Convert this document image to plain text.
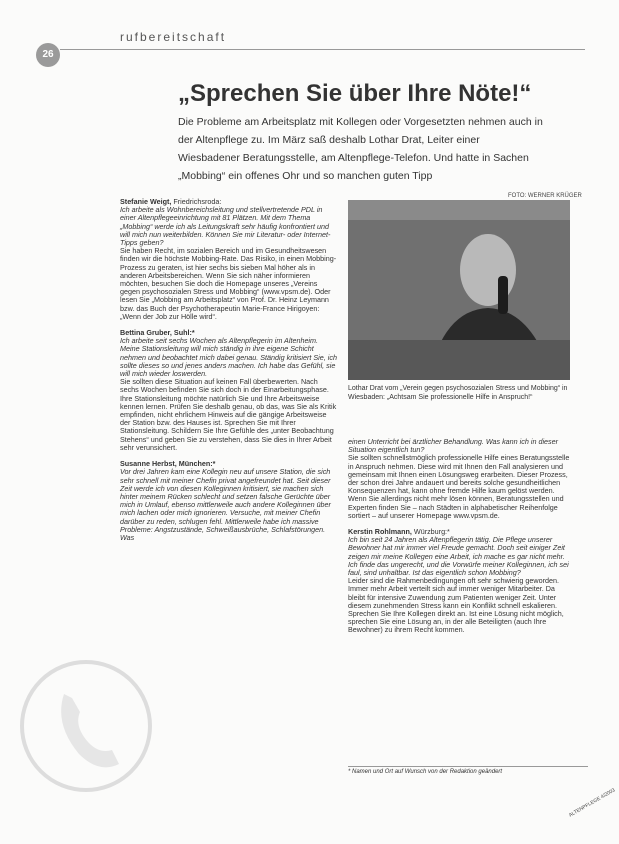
26
rufbereitschaft
„Sprechen Sie über Ihre Nöte!“
Die Probleme am Arbeitsplatz mit Kollegen oder Vorgesetzten nehmen auch in der Altenpflege zu. Im März saß deshalb Lothar Drat, Leiter einer Wiesbadener Beratungsstelle, am Altenpflege-Telefon. Und hatte in Sachen „Mobbing“ ein offenes Ohr und so manchen guten Tipp

Stefanie Weigt, Friedrichsroda:
Ich arbeite als Wohnbereichsleitung und stellvertretende PDL in einer Altenpflegeeinrichtung mit 81 Plätzen. Mit dem Thema „Mobbing“ werde ich als Leitungskraft sehr häufig konfrontiert und will mich nun weiterbilden. Können Sie mir Literatur- oder Internet-Tipps geben?
Sie haben Recht, im sozialen Bereich und im Gesundheitswesen finden wir die höchste Mobbing-Rate. Das Risiko, in einen Mobbing-Prozess zu geraten, ist hier sechs bis sieben Mal höher als in anderen Arbeitsbereichen. Wenn Sie sich näher informieren möchten, besuchen Sie doch die Homepage unseres „Vereins gegen psychosozialen Stress und Mobbing“ (www.vpsm.de). Oder lesen Sie „Mobbing am Arbeitsplatz“ von Prof. Dr. Heinz Leymann bzw. das Buch der Psychotherapeutin Marie-France Hirigoyen: „Wenn der Job zur Hölle wird“.

Bettina Gruber, Suhl:*
Ich arbeite seit sechs Wochen als Altenpflegerin im Altenheim. Meine Stationsleitung will mich ständig in ihre eigene Schicht nehmen und beobachtet mich dabei genau. Ständig kritisiert Sie, ich sollte dieses so und jenes anders machen. Ich habe das Gefühl, sie will mich wieder loswerden.
Sie sollten diese Situation auf keinen Fall überbewerten. Nach sechs Wochen befinden Sie sich doch in der Einarbeitungsphase. Ihre Stationsleitung möchte natürlich Sie und Ihre Arbeitsweise kennen lernen. Prüfen Sie deshalb genau, ob das, was Sie als Kritik empfinden, nicht ehrlichem Hinweis auf die gängige Arbeitsweise der Station bzw. des Hauses ist. Sprechen Sie mit Ihrer Stationsleitung. Schildern Sie Ihre Gefühle des „unter Beobachtung Stehens“ und geben Sie zu verstehen, dass Sie dies in Ihrer Arbeit sehr verunsichert.

Susanne Herbst, München:*
Vor drei Jahren kam eine Kollegin neu auf unsere Station, die sich sehr schnell mit meiner Chefin privat angefreundet hat. Seit dieser Zeit werde ich von diesen Kolleginnen kritisiert, sie machen sich hinter meinem Rücken schlecht und setzen falsche Gerüchte über mich in Umlauf, ebenso mittlerweile auch andere Kolleginnen über mich lachen oder mich ignorieren. Versuche, mit meiner Chefin darüber zu reden, schlugen fehl. Mittlerweile habe ich massive Probleme: Angstzustände, Schweißausbrüche, Schlafstörungen. Was

FOTO: WERNER KRÜGER
Lothar Drat vom „Verein gegen psychosozialen Stress und Mobbing“ in Wiesbaden: „Achtsam Sie professionelle Hilfe in Anspruch!“

einen Unterricht bei ärztlicher Behandlung. Was kann ich in dieser Situation eigentlich tun?
Sie sollten schnellstmöglich professionelle Hilfe eines Beratungsstelle in Anspruch nehmen. Diese wird mit Ihnen den Fall analysieren und gemeinsam mit Ihnen einen Lösungsweg erarbeiten. Dieser Prozess, der schon drei Jahre andauert und bereits solche gesundheitlichen Konsequenzen hat, kann ohne fremde Hilfe kaum gelöst werden. Wenn Sie allerdings nicht mehr lösen können, Beratungsstellen und Experten finden Sie – nach Städten in alphabetischer Reihenfolge sortiert – auf unserer Homepage www.vpsm.de.

Kerstin Rohlmann, Würzburg:*
Ich bin seit 24 Jahren als Altenpflegerin tätig. Die Pflege unserer Bewohner hat mir immer viel Freude gemacht. Doch seit einiger Zeit zeigen mir meine Kollegen eine Arbeit, ich mache es gar nicht mehr. Ich finde das ungerecht, und die Vorwürfe meiner Kolleginnen, ich sei faul, sind unhaltbar. Ist das eigentlich schon Mobbing?
Leider sind die Rahmenbedingungen oft sehr schwierig geworden. Immer mehr Arbeit verteilt sich auf immer weniger Mitarbeiter. Da bleibt für intensive Zuwendung zum Patienten weniger Zeit. Unter diesem zunehmenden Stress kann ein Konflikt schnell eskalieren. Sprechen Sie Ihre Kollegen direkt an. Ist eine Lösung nicht möglich, sprechen Sie eine Lösung an, in der alle Beteiligten (auch Ihre Bewohner) zu ihrem Recht kommen.

* Namen und Ort auf Wunsch von der Redaktion geändert
ALTENPFLEGE 4/2003
